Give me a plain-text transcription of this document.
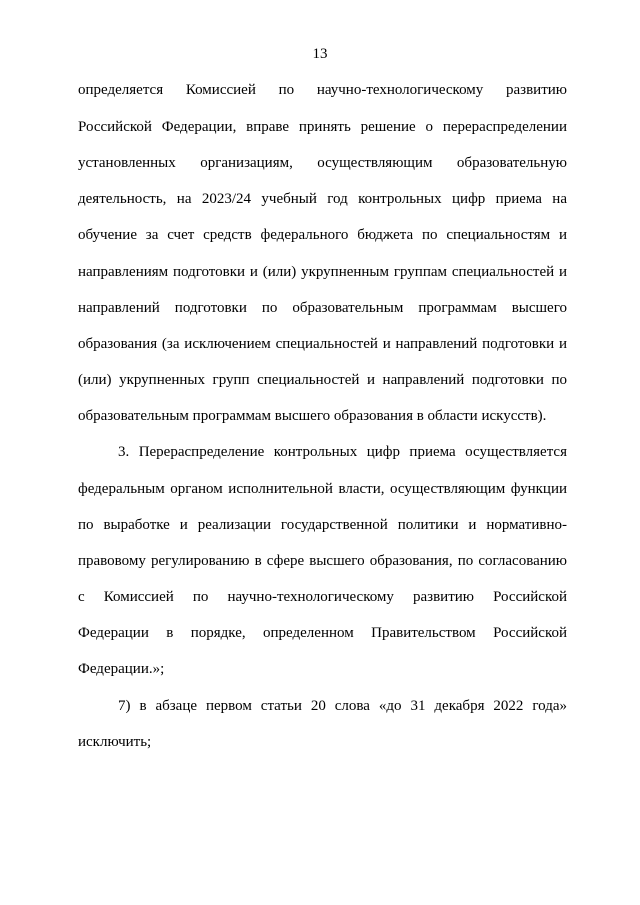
13
определяется Комиссией по научно-технологическому развитию
Российской Федерации, вправе принять решение о перераспределении
установленных организациям, осуществляющим образовательную
деятельность, на 2023/24 учебный год контрольных цифр приема на
обучение за счет средств федерального бюджета по специальностям и
направлениям подготовки и (или) укрупненным группам специальностей и
направлений подготовки по образовательным программам высшего
образования (за исключением специальностей и направлений подготовки и
(или) укрупненных групп специальностей и направлений подготовки по
образовательным программам высшего образования в области искусств).
3. Перераспределение контрольных цифр приема осуществляется
федеральным органом исполнительной власти, осуществляющим функции
по выработке и реализации государственной политики и нормативно-
правовому регулированию в сфере высшего образования, по согласованию
с Комиссией по научно-технологическому развитию Российской
Федерации в порядке, определенном Правительством Российской
Федерации.»;
7) в абзаце первом статьи 20 слова «до 31 декабря 2022 года»
исключить;
